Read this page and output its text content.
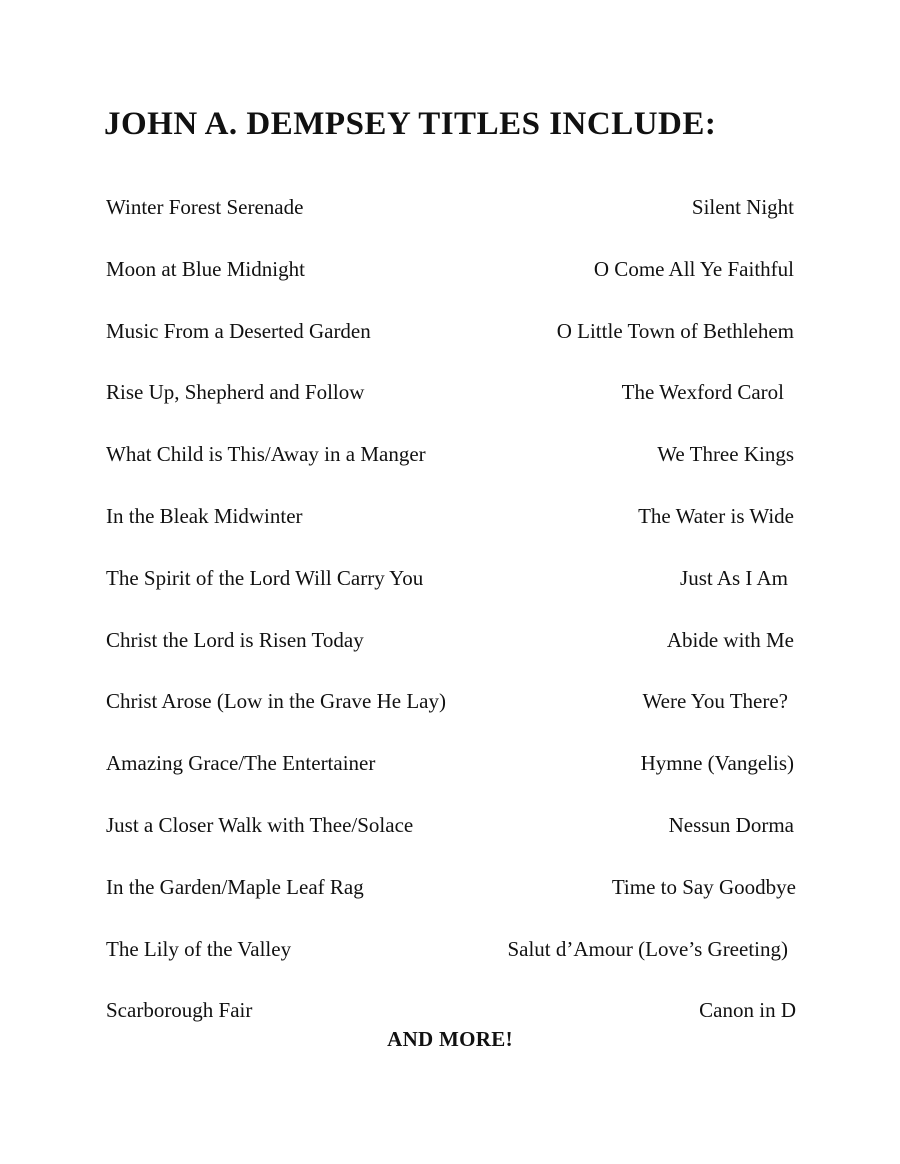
JOHN A. DEMPSEY TITLES INCLUDE:
Winter Forest Serenade	Silent Night
Moon at Blue Midnight	O Come All Ye Faithful
Music From a Deserted Garden	O Little Town of Bethlehem
Rise Up, Shepherd and Follow	The Wexford Carol
What Child is This/Away in a Manger	We Three Kings
In the Bleak Midwinter	The Water is Wide
The Spirit of the Lord Will Carry You	Just As I Am
Christ the Lord is Risen Today	Abide with Me
Christ Arose (Low in the Grave He Lay)	Were You There?
Amazing Grace/The Entertainer	Hymne (Vangelis)
Just a Closer Walk with Thee/Solace	Nessun Dorma
In the Garden/Maple Leaf Rag	Time to Say Goodbye
The Lily of the Valley	Salut d’Amour (Love’s Greeting)
Scarborough Fair	Canon in D

AND MORE!
